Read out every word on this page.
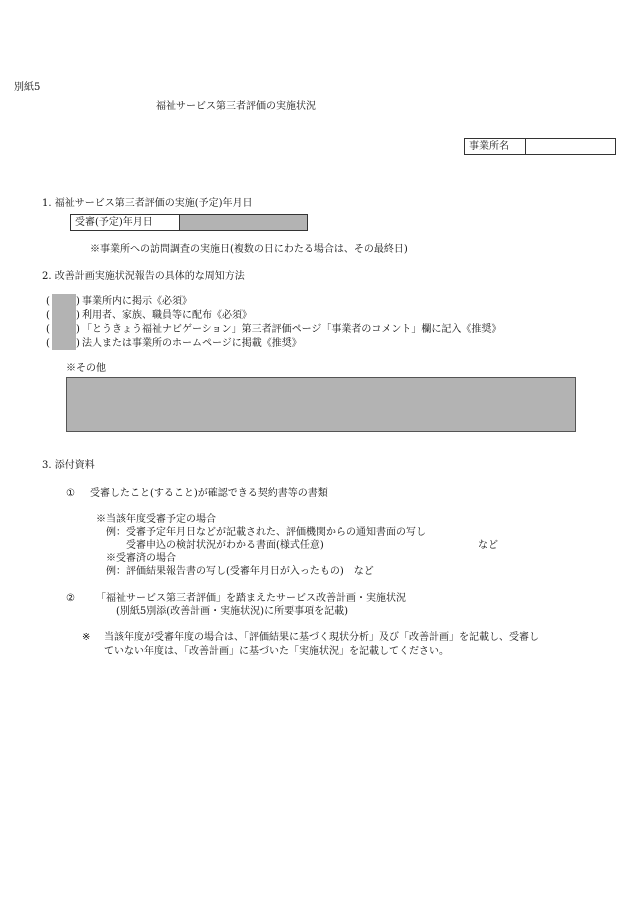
別紙5
福祉サービス第三者評価の実施状況
事業所名
1. 福祉サービス第三者評価の実施(予定)年月日
受審(予定)年月日
※事業所への訪問調査の実施日(複数の日にわたる場合は、その最終日)
2. 改善計画実施状況報告の具体的な周知方法
(	) 事業所内に掲示《必須》
(	) 利用者、家族、職員等に配布《必須》
(	) 「とうきょう福祉ナビゲーション」第三者評価ページ「事業者のコメント」欄に記入《推奨》
(	) 法人または事業所のホームページに掲載《推奨》
※その他
3. 添付資料
① 受審したこと(すること)が確認できる契約書等の書類
※当該年度受審予定の場合
例：受審予定年月日などが記載された、評価機関からの通知書面の写し
受審申込の検討状況がわかる書面(様式任意)	など
※受審済の場合
例：評価結果報告書の写し(受審年月日が入ったもの)　など
② 「福祉サービス第三者評価」を踏まえたサービス改善計画・実施状況
(別紙5別添(改善計画・実施状況)に所要事項を記載)
※ 当該年度が受審年度の場合は、「評価結果に基づく現状分析」及び「改善計画」を記載し、受審し
ていない年度は、「改善計画」に基づいた「実施状況」を記載してください。
